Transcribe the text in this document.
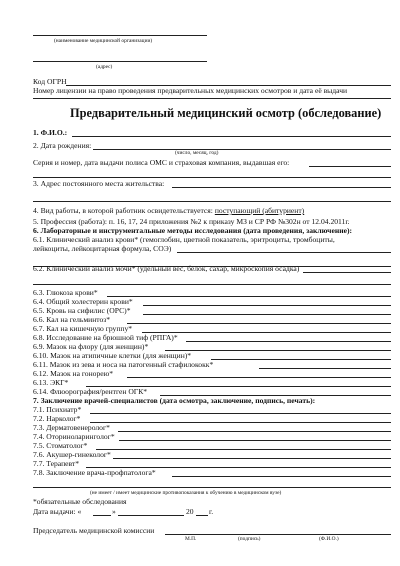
(наименование медицинской организации)
(адрес)
Код ОГРН
Номер лицензии на право проведения предварительных медицинских осмотров и дата её выдачи
Предварительный медицинский осмотр (обследование)
1. Ф.И.О.:
2. Дата рождения:
(число, месяц, год)
Серия и номер, дата выдачи полиса ОМС и страховая компания, выдавшая его:
3. Адрес постоянного места жительства:
4. Вид работы, в которой работник освидетельствуется: поступающий (абитуриент)
5. Профессия (работа): п. 16, 17, 24 приложения №2 к приказу МЗ и СР РФ №302н от 12.04.2011г.
6. Лабораторные и инструментальные методы исследования (дата проведения, заключение):
6.1. Клинический анализ крови* (гемоглобин, цветной показатель, эритроциты, тромбоциты,
лейкоциты, лейкоцитарная формула, СОЭ)
6.2. Клинический анализ мочи* (удельный вес, белок, сахар, микроскопия осадка)
6.3. Глюкоза крови*
6.4. Общий холестерин крови*
6.5. Кровь на сифилис (ОРС)*
6.6. Кал на гельминтоз*
6.7. Кал на кишечную группу*
6.8. Исследование на брюшной тиф (РПГА)*
6.9. Мазок на флору (для женщин)*
6.10. Мазок на атипичные клетки (для женщин)*
6.11. Мазок из зева и носа на патогенный стафилококк*
6.12. Мазок на гонорею*
6.13. ЭКГ*
6.14. Флюорография/рентген ОГК*
7. Заключение врачей-специалистов (дата осмотра, заключение, подпись, печать):
7.1. Психиатр*
7.2. Нарколог*
7.3. Дерматовенеролог*
7.4. Оториноларинголог*
7.5. Стоматолог*
7.6. Акушер-гинеколог*
7.7. Терапевт*
7.8. Заключение врача-профпатолога*
(не имеет / имеет медицинские противопоказания к обучению в медицинском вузе)
*обязательные обследования
Дата выдачи: «	»	20 г.
Председатель медицинской комиссии
М.П.	(подпись)	(Ф.И.О.)
